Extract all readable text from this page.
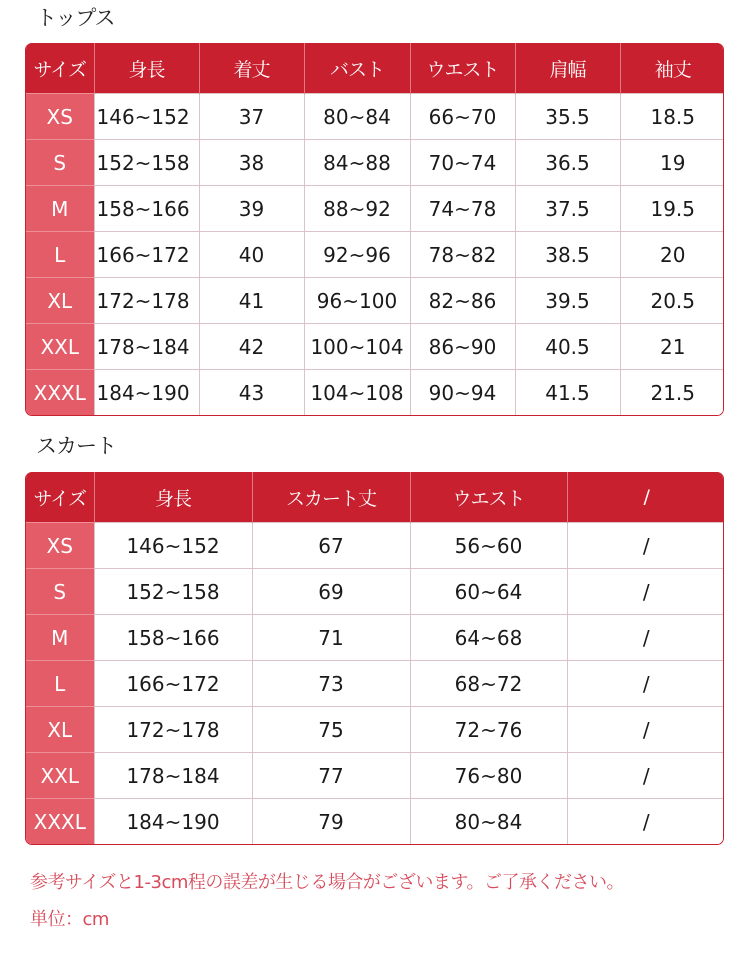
トップス
サイズ	身長	着丈	バスト	ウエスト	肩幅	袖丈
XS	146~152	37	80~84	66~70	35.5	18.5
S	152~158	38	84~88	70~74	36.5	19
M	158~166	39	88~92	74~78	37.5	19.5
L	166~172	40	92~96	78~82	38.5	20
XL	172~178	41	96~100	82~86	39.5	20.5
XXL	178~184	42	100~104	86~90	40.5	21
XXXL	184~190	43	104~108	90~94	41.5	21.5
スカート
サイズ	身長	スカート丈	ウエスト	/
XS	146~152	67	56~60	/
S	152~158	69	60~64	/
M	158~166	71	64~68	/
L	166~172	73	68~72	/
XL	172~178	75	72~76	/
XXL	178~184	77	76~80	/
XXXL	184~190	79	80~84	/
参考サイズと1-3cm程の誤差が生じる場合がございます。ご了承ください。
単位：cm
